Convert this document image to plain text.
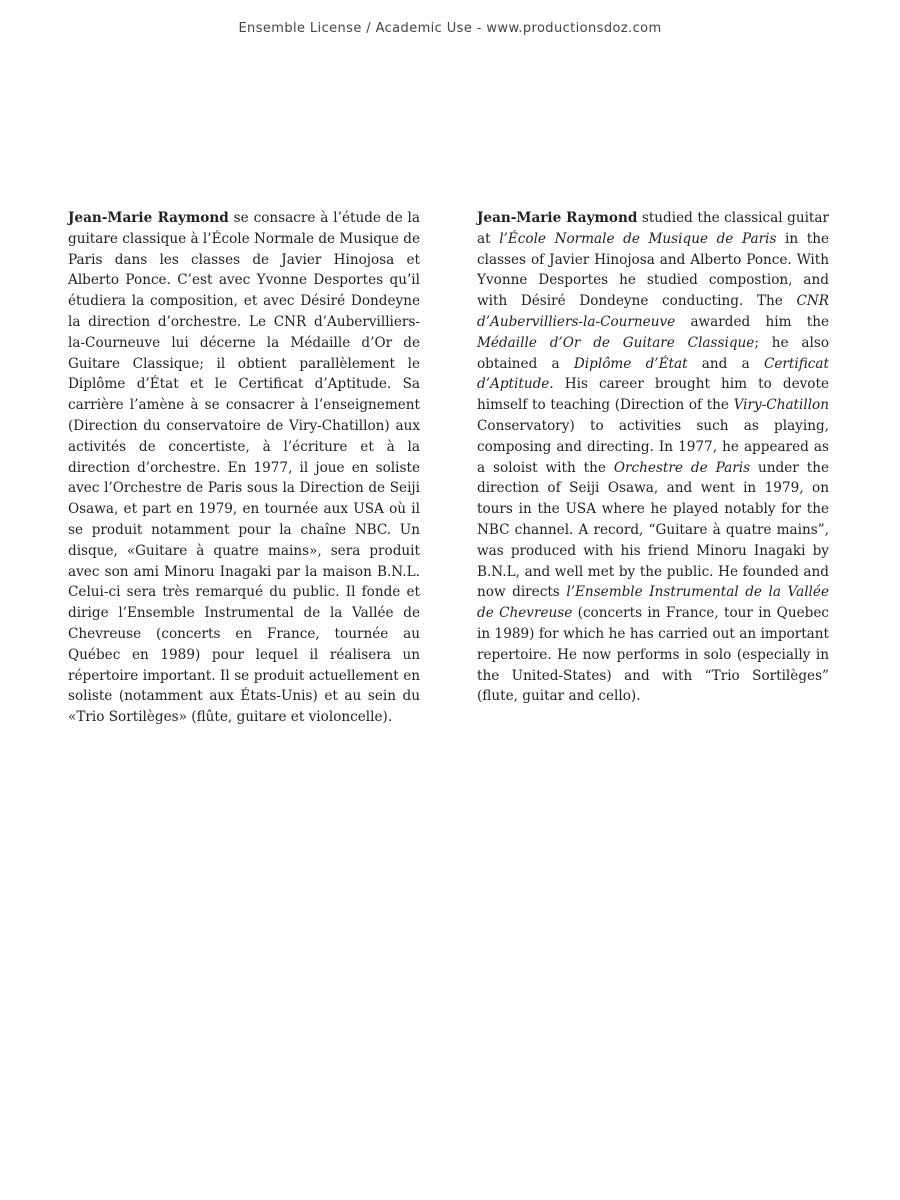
Ensemble License / Academic Use - www.productionsdoz.com

Jean-Marie Raymond se consacre à l’étude de la guitare classique à l’École Normale de Musique de Paris dans les classes de Javier Hinojosa et Alberto Ponce. C’est avec Yvonne Desportes qu’il étudiera la composition, et avec Désiré Dondeyne la direction d’orchestre. Le CNR d’Aubervilliers-la-Courneuve lui décerne la Médaille d’Or de Guitare Classique; il obtient parallèlement le Diplôme d’État et le Certificat d’Aptitude. Sa carrière l’amène à se consacrer à l’enseignement (Direction du conservatoire de Viry-Chatillon) aux activités de concertiste, à l’écriture et à la direction d’orchestre. En 1977, il joue en soliste avec l’Orchestre de Paris sous la Direction de Seiji Osawa, et part en 1979, en tournée aux USA où il se produit notamment pour la chaîne NBC. Un disque, «Guitare à quatre mains», sera produit avec son ami Minoru Inagaki par la maison B.N.L. Celui-ci sera très remarqué du public. Il fonde et dirige l’Ensemble Instrumental de la Vallée de Chevreuse (concerts en France, tournée au Québec en 1989) pour lequel il réalisera un répertoire important. Il se produit actuellement en soliste (notamment aux États-Unis) et au sein du «Trio Sortilèges» (flûte, guitare et violoncelle).

Jean-Marie Raymond studied the classical guitar at l’École Normale de Musique de Paris in the classes of Javier Hinojosa and Alberto Ponce. With Yvonne Desportes he studied compostion, and with Désiré Dondeyne conducting. The CNR d’Aubervilliers-la-Courneuve awarded him the Médaille d’Or de Guitare Classique; he also obtained a Diplôme d’État and a Certificat d’Aptitude. His career brought him to devote himself to teaching (Direction of the Viry-Chatillon Conservatory) to activities such as playing, composing and directing. In 1977, he appeared as a soloist with the Orchestre de Paris under the direction of Seiji Osawa, and went in 1979, on tours in the USA where he played notably for the NBC channel. A record, “Guitare à quatre mains”, was produced with his friend Minoru Inagaki by B.N.L, and well met by the public. He founded and now directs l’Ensemble Instrumental de la Vallée de Chevreuse (concerts in France, tour in Quebec in 1989) for which he has carried out an important repertoire. He now performs in solo (especially in the United-States) and with “Trio Sortilèges” (flute, guitar and cello).
